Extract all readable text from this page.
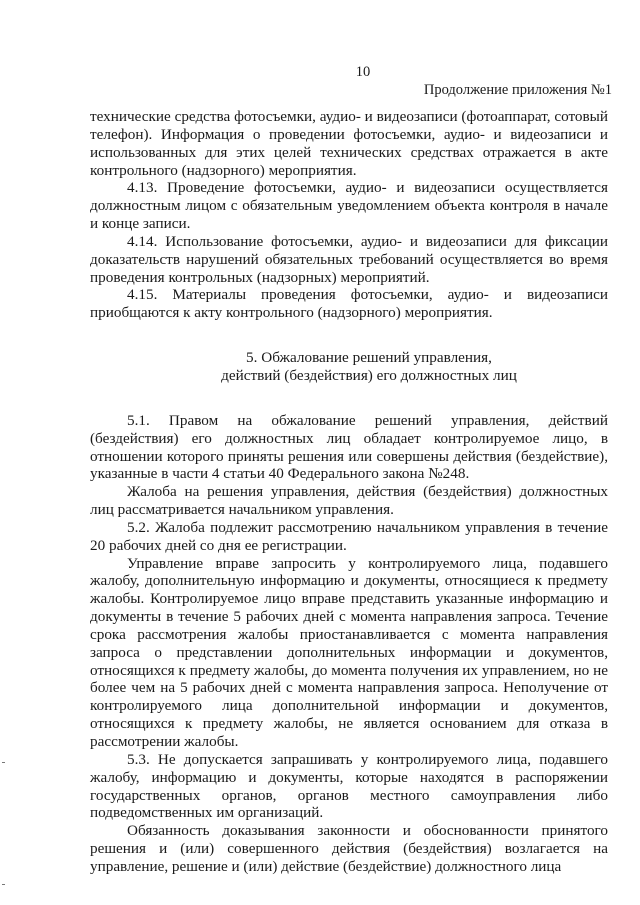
10
Продолжение приложения №1

технические средства фотосъемки, аудио- и видеозаписи (фотоаппарат, сотовый телефон). Информация о проведении фотосъемки, аудио- и видеозаписи и использованных для этих целей технических средствах отражается в акте контрольного (надзорного) мероприятия.

4.13. Проведение фотосъемки, аудио- и видеозаписи осуществляется должностным лицом с обязательным уведомлением объекта контроля в начале и конце записи.

4.14. Использование фотосъемки, аудио- и видеозаписи для фиксации доказательств нарушений обязательных требований осуществляется во время проведения контрольных (надзорных) мероприятий.

4.15. Материалы проведения фотосъемки, аудио- и видеозаписи приобщаются к акту контрольного (надзорного) мероприятия.

5. Обжалование решений управления,

действий (бездействия) его должностных лиц

5.1. Правом на обжалование решений управления, действий (бездействия) его должностных лиц обладает контролируемое лицо, в отношении которого приняты решения или совершены действия (бездействие), указанные в части 4 статьи 40 Федерального закона №248.

Жалоба на решения управления, действия (бездействия) должностных лиц рассматривается начальником управления.

5.2. Жалоба подлежит рассмотрению начальником управления в течение 20 рабочих дней со дня ее регистрации.

Управление вправе запросить у контролируемого лица, подавшего жалобу, дополнительную информацию и документы, относящиеся к предмету жалобы. Контролируемое лицо вправе представить указанные информацию и документы в течение 5 рабочих дней с момента направления запроса. Течение срока рассмотрения жалобы приостанавливается с момента направления запроса о представлении дополнительных информации и документов, относящихся к предмету жалобы, до момента получения их управлением, но не более чем на 5 рабочих дней с момента направления запроса. Неполучение от контролируемого лица дополнительной информации и документов, относящихся к предмету жалобы, не является основанием для отказа в рассмотрении жалобы.

5.3. Не допускается запрашивать у контролируемого лица, подавшего жалобу, информацию и документы, которые находятся в распоряжении государственных органов, органов местного самоуправления либо подведомственных им организаций.

Обязанность доказывания законности и обоснованности принятого решения и (или) совершенного действия (бездействия) возлагается на управление, решение и (или) действие (бездействие) должностного лица
